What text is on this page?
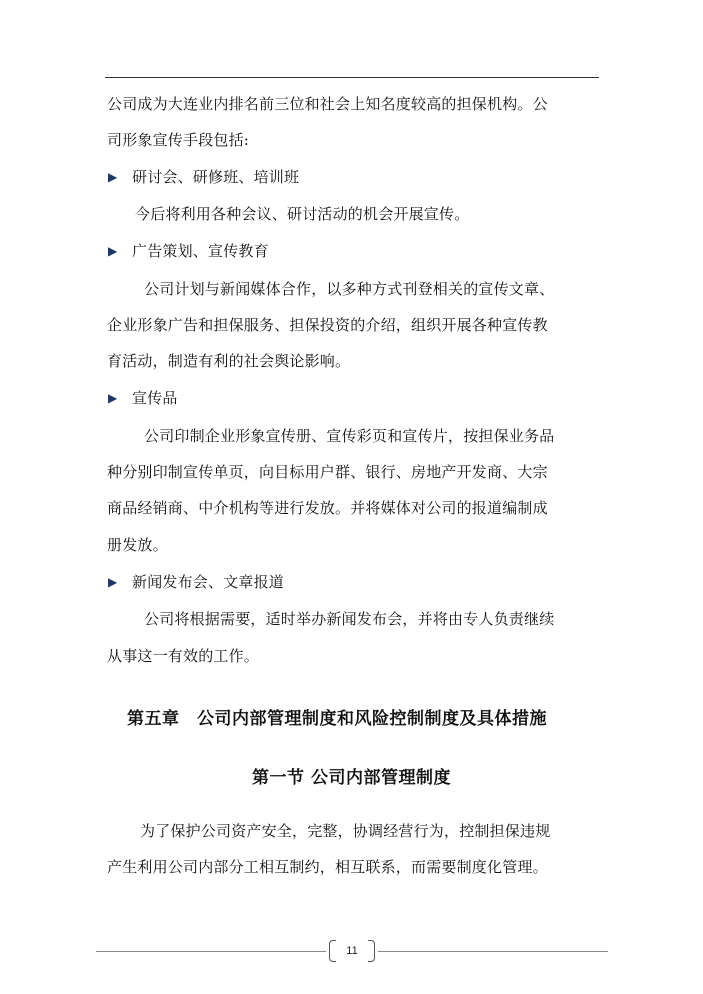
公司成为大连业内排名前三位和社会上知名度较高的担保机构。公
司形象宣传手段包括:
▶ 研讨会、研修班、培训班
今后将利用各种会议、研讨活动的机会开展宣传。
▶ 广告策划、宣传教育
公司计划与新闻媒体合作，以多种方式刊登相关的宣传文章、
企业形象广告和担保服务、担保投资的介绍，组织开展各种宣传教
育活动，制造有利的社会舆论影响。
▶ 宣传品
公司印制企业形象宣传册、宣传彩页和宣传片，按担保业务品
种分别印制宣传单页，向目标用户群、银行、房地产开发商、大宗
商品经销商、中介机构等进行发放。并将媒体对公司的报道编制成
册发放。
▶ 新闻发布会、文章报道
公司将根据需要，适时举办新闻发布会，并将由专人负责继续
从事这一有效的工作。
第五章　公司内部管理制度和风险控制制度及具体措施
第一节 公司内部管理制度
为了保护公司资产安全，完整，协调经营行为，控制担保违规
产生利用公司内部分工相互制约，相互联系，而需要制度化管理。
11
